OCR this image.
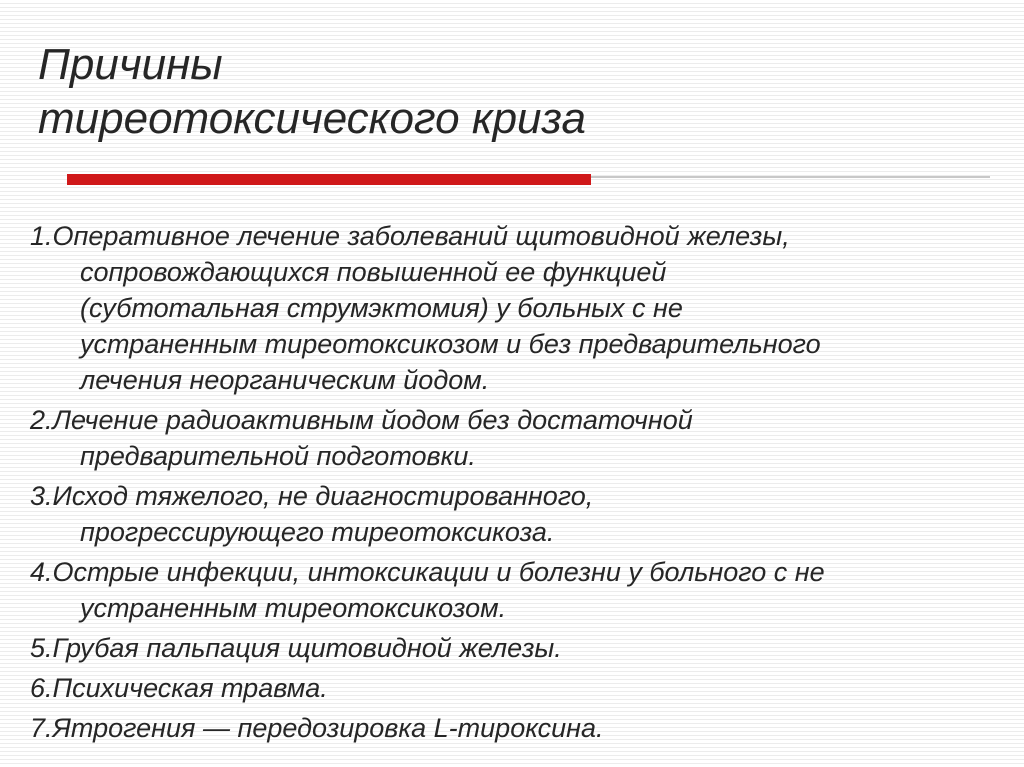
Причины
тиреотоксического криза
1.Оперативное лечение заболеваний щитовидной железы,
сопровождающихся повышенной ее функцией
(субтотальная струмэктомия) у больных с не
устраненным тиреотоксикозом и без предварительного
лечения неорганическим йодом.
2.Лечение радиоактивным йодом без достаточной
предварительной подготовки.
3.Исход тяжелого, не диагностированного,
прогрессирующего тиреотоксикоза.
4.Острые инфекции, интоксикации и болезни у больного с не
устраненным тиреотоксикозом.
5.Грубая пальпация щитовидной железы.
6.Психическая травма.
7.Ятрогения — передозировка L-тироксина.
